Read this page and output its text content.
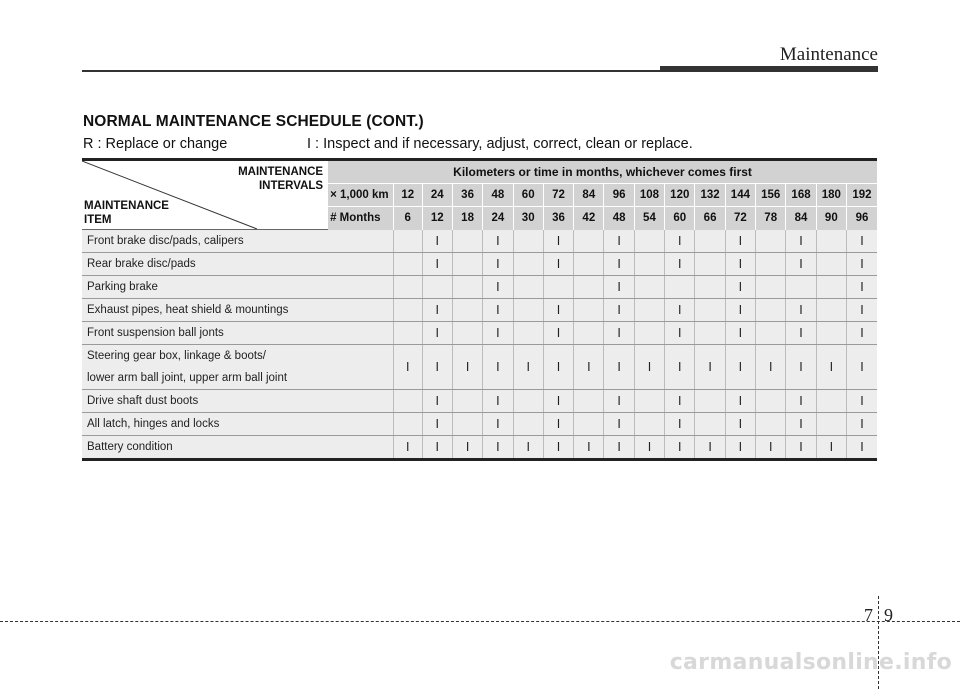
Maintenance
NORMAL MAINTENANCE SCHEDULE (CONT.)
R : Replace or change	I : Inspect and if necessary, adjust, correct, clean or replace.
MAINTENANCE
INTERVALS
MAINTENANCE
ITEM	Kilometers or time in months, whichever comes first																
	× 1,000 km	12	24	36	48	60	72	84	96	108	120	132	144	156	168	180	192
	# Months	6	12	18	24	30	36	42	48	54	60	66	72	78	84	90	96
Front brake disc/pads, calipers			I		I		I		I		I		I		I		I
Rear brake disc/pads			I		I		I		I		I		I		I		I
Parking brake					I				I				I				I
Exhaust pipes, heat shield & mountings			I		I		I		I		I		I		I		I
Front suspension ball jonts			I		I		I		I		I		I		I		I

Steering gear box, linkage & boots/
lower arm ball joint, upper arm ball joint		I	I	I	I	I	I	I	I	I	I	I	I	I	I	I	I
Drive shaft dust boots			I		I		I		I		I		I		I		I
All latch, hinges and locks			I		I		I		I		I		I		I		I
Battery condition		I	I	I	I	I	I	I	I	I	I	I	I	I	I	I	I
7 9
carmanualsonline.info
